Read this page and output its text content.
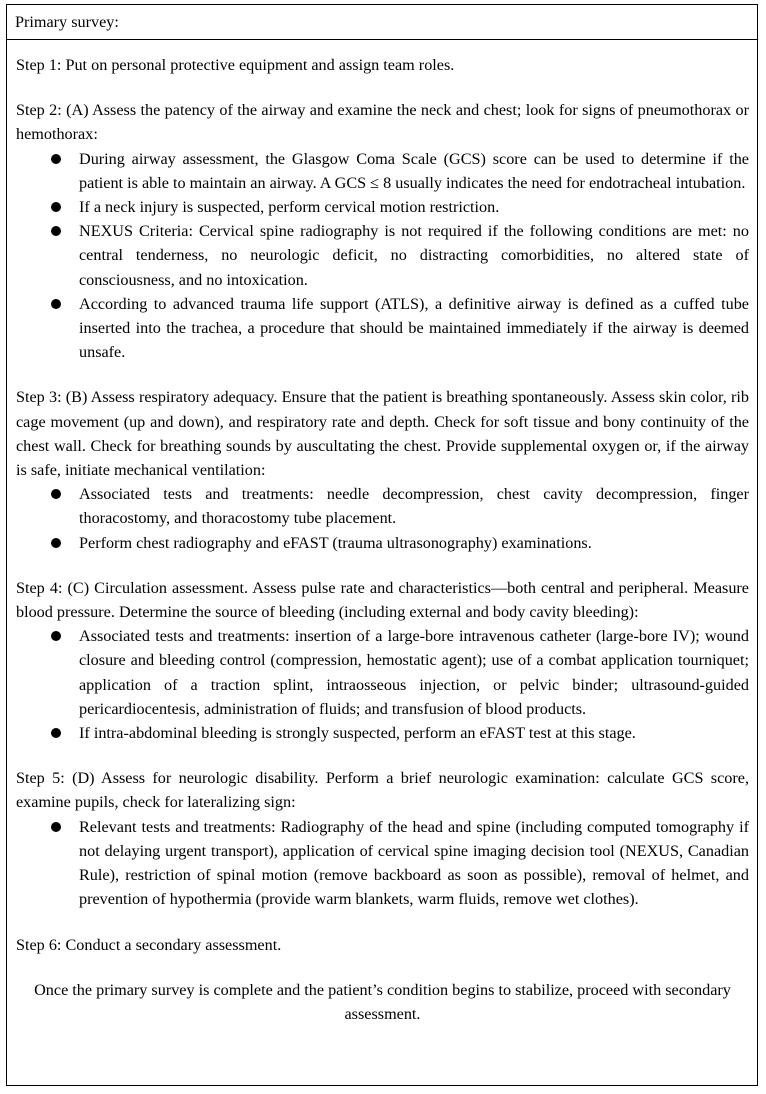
Primary survey:

Step 1: Put on personal protective equipment and assign team roles.

Step 2: (A) Assess the patency of the airway and examine the neck and chest; look for signs of pneumothorax or hemothorax:

During airway assessment, the Glasgow Coma Scale (GCS) score can be used to determine if the patient is able to maintain an airway. A GCS ≤ 8 usually indicates the need for endotracheal intubation.
If a neck injury is suspected, perform cervical motion restriction.
NEXUS Criteria: Cervical spine radiography is not required if the following conditions are met: no central tenderness, no neurologic deficit, no distracting comorbidities, no altered state of consciousness, and no intoxication.
According to advanced trauma life support (ATLS), a definitive airway is defined as a cuffed tube inserted into the trachea, a procedure that should be maintained immediately if the airway is deemed unsafe.

Step 3: (B) Assess respiratory adequacy. Ensure that the patient is breathing spontaneously. Assess skin color, rib cage movement (up and down), and respiratory rate and depth. Check for soft tissue and bony continuity of the chest wall. Check for breathing sounds by auscultating the chest. Provide supplemental oxygen or, if the airway is safe, initiate mechanical ventilation:

Associated tests and treatments: needle decompression, chest cavity decompression, finger thoracostomy, and thoracostomy tube placement.
Perform chest radiography and eFAST (trauma ultrasonography) examinations.

Step 4: (C) Circulation assessment. Assess pulse rate and characteristics—both central and peripheral. Measure blood pressure. Determine the source of bleeding (including external and body cavity bleeding):

Associated tests and treatments: insertion of a large-bore intravenous catheter (large-bore IV); wound closure and bleeding control (compression, hemostatic agent); use of a combat application tourniquet; application of a traction splint, intraosseous injection, or pelvic binder; ultrasound-guided pericardiocentesis, administration of fluids; and transfusion of blood products.
If intra-abdominal bleeding is strongly suspected, perform an eFAST test at this stage.

Step 5: (D) Assess for neurologic disability. Perform a brief neurologic examination: calculate GCS score, examine pupils, check for lateralizing sign:

Relevant tests and treatments: Radiography of the head and spine (including computed tomography if not delaying urgent transport), application of cervical spine imaging decision tool (NEXUS, Canadian Rule), restriction of spinal motion (remove backboard as soon as possible), removal of helmet, and prevention of hypothermia (provide warm blankets, warm fluids, remove wet clothes).

Step 6: Conduct a secondary assessment.

Once the primary survey is complete and the patient’s condition begins to stabilize, proceed with secondary assessment.
